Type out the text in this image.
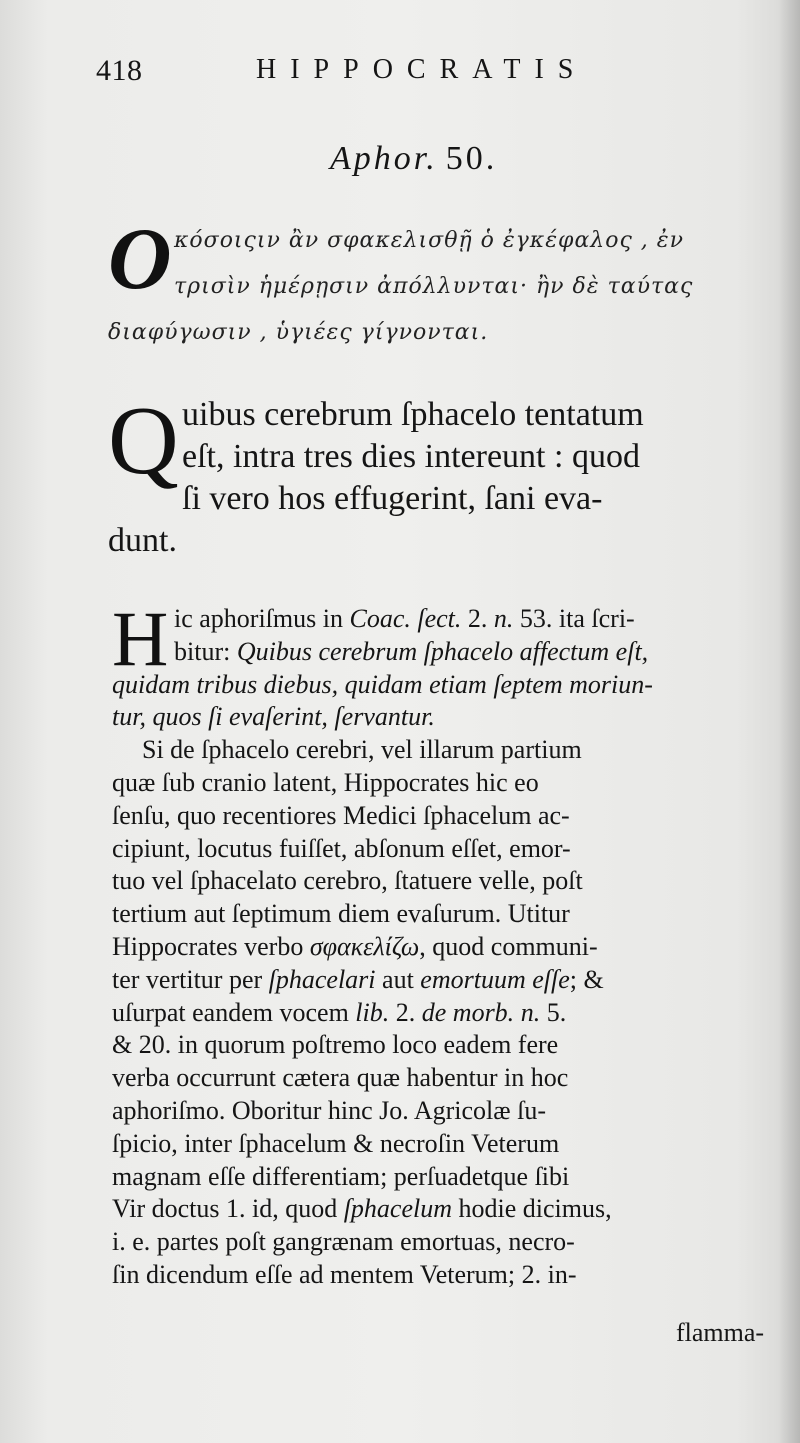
418	HIPPOCRATIS
Aphor. 50.
O κόσοιςιν ἂν σφακελισθῇ ὁ ἐγκέφαλος , ἐν
τρισὶν ἡμέρῃσιν ἀπόλλυνται· ἢν δὲ ταύτας
διαφύγωσιν , ὑγιέες γίγνονται.
Q uibus cerebrum ſphacelo tentatum
eſt, intra tres dies intereunt : quod
ſi vero hos effugerint, ſani eva-
dunt.
H ic aphoriſmus in Coac. ſect. 2. n. 53. ita ſcri-
bitur: Quibus cerebrum ſphacelo affectum eſt,
quidam tribus diebus, quidam etiam ſeptem moriun-
tur, quos ſi evaſerint, ſervantur.
Si de ſphacelo cerebri, vel illarum partium
quæ ſub cranio latent, Hippocrates hic eo
ſenſu, quo recentiores Medici ſphacelum ac-
cipiunt, locutus fuiſſet, abſonum eſſet, emor-
tuo vel ſphacelato cerebro, ſtatuere velle, poſt
tertium aut ſeptimum diem evaſurum. Utitur
Hippocrates verbo σφακελίζω, quod communi-
ter vertitur per ſphacelari aut emortuum eſſe; &
uſurpat eandem vocem lib. 2. de morb. n. 5.
& 20. in quorum poſtremo loco eadem fere
verba occurrunt cætera quæ habentur in hoc
aphoriſmo. Oboritur hinc Jo. Agricolæ ſu-
ſpicio, inter ſphacelum & necroſin Veterum
magnam eſſe differentiam; perſuadetque ſibi
Vir doctus 1. id, quod ſphacelum hodie dicimus,
i. e. partes poſt gangrænam emortuas, necro-
ſin dicendum eſſe ad mentem Veterum; 2. in-
flamma-
